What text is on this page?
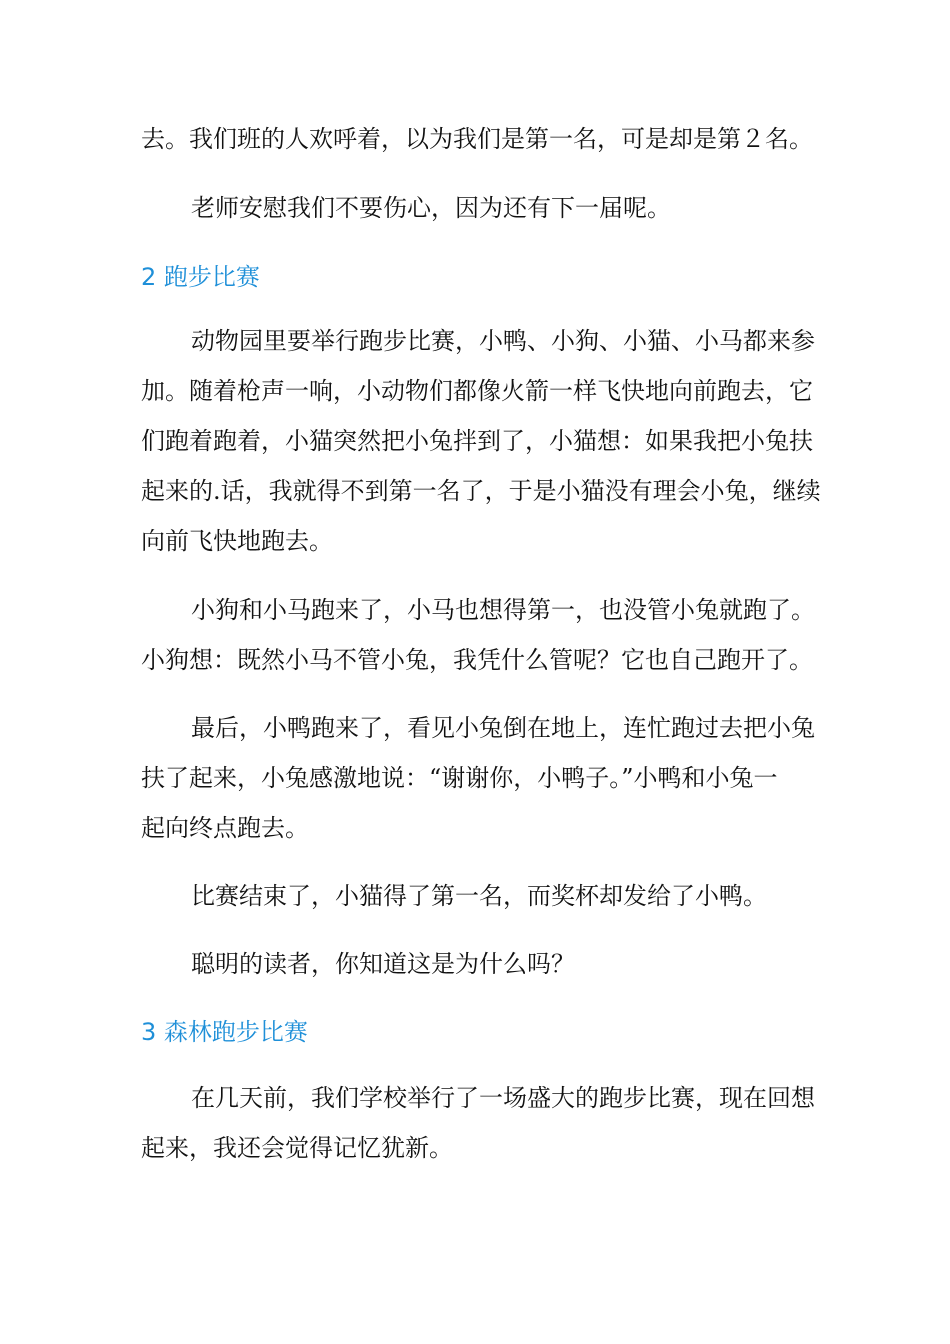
去。我们班的人欢呼着，以为我们是第一名，可是却是第２名。
老师安慰我们不要伤心，因为还有下一届呢。
2 跑步比赛
动物园里要举行跑步比赛，小鸭、小狗、小猫、小马都来参
加。随着枪声一响，小动物们都像火箭一样飞快地向前跑去，它
们跑着跑着，小猫突然把小兔拌到了，小猫想：如果我把小兔扶
起来的.话，我就得不到第一名了，于是小猫没有理会小兔，继续
向前飞快地跑去。
小狗和小马跑来了，小马也想得第一，也没管小兔就跑了。
小狗想：既然小马不管小兔，我凭什么管呢？它也自己跑开了。
最后，小鸭跑来了，看见小兔倒在地上，连忙跑过去把小兔
扶了起来，小兔感激地说：“谢谢你，小鸭子。”小鸭和小兔一
起向终点跑去。
比赛结束了，小猫得了第一名，而奖杯却发给了小鸭。
聪明的读者，你知道这是为什么吗？
3 森林跑步比赛
在几天前，我们学校举行了一场盛大的跑步比赛，现在回想
起来，我还会觉得记忆犹新。
